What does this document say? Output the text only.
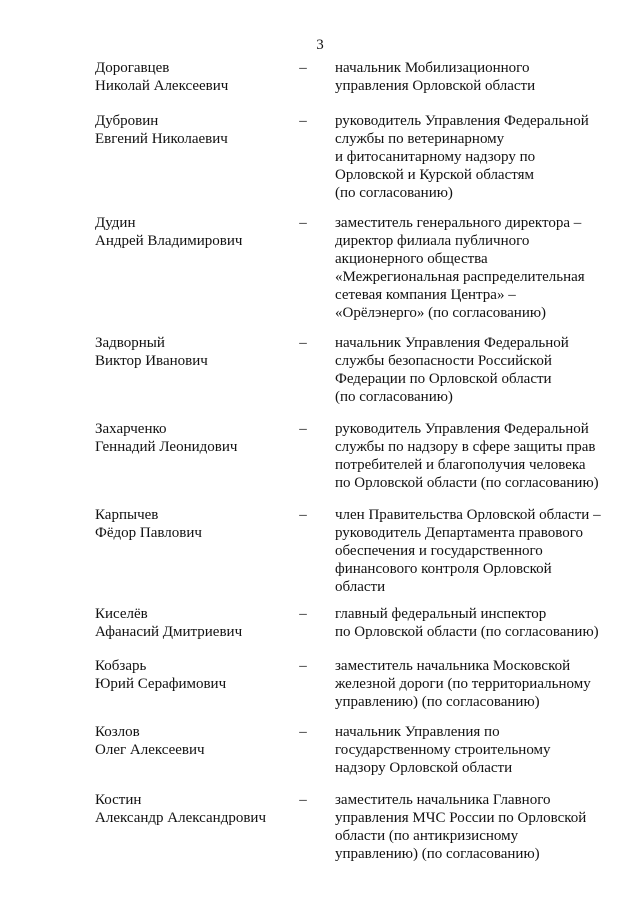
3
Дорогавцев
Николай Алексеевич
– начальник Мобилизационного
управления Орловской области
Дубровин
Евгений Николаевич
– руководитель Управления Федеральной
службы по ветеринарному
и фитосанитарному надзору по
Орловской и Курской областям
(по согласованию)
Дудин
Андрей Владимирович
– заместитель генерального директора –
директор филиала публичного
акционерного общества
«Межрегиональная распределительная
сетевая компания Центра» –
«Орёлэнерго» (по согласованию)
Задворный
Виктор Иванович
– начальник Управления Федеральной
службы безопасности Российской
Федерации по Орловской области
(по согласованию)
Захарченко
Геннадий Леонидович
– руководитель Управления Федеральной
службы по надзору в сфере защиты прав
потребителей и благополучия человека
по Орловской области (по согласованию)
Карпычев
Фёдор Павлович
– член Правительства Орловской области –
руководитель Департамента правового
обеспечения и государственного
финансового контроля Орловской
области
Киселёв
Афанасий Дмитриевич
– главный федеральный инспектор
по Орловской области (по согласованию)
Кобзарь
Юрий Серафимович
– заместитель начальника Московской
железной дороги (по территориальному
управлению) (по согласованию)
Козлов
Олег Алексеевич
– начальник Управления по
государственному строительному
надзору Орловской области
Костин
Александр Александрович
– заместитель начальника Главного
управления МЧС России по Орловской
области (по антикризисному
управлению) (по согласованию)
